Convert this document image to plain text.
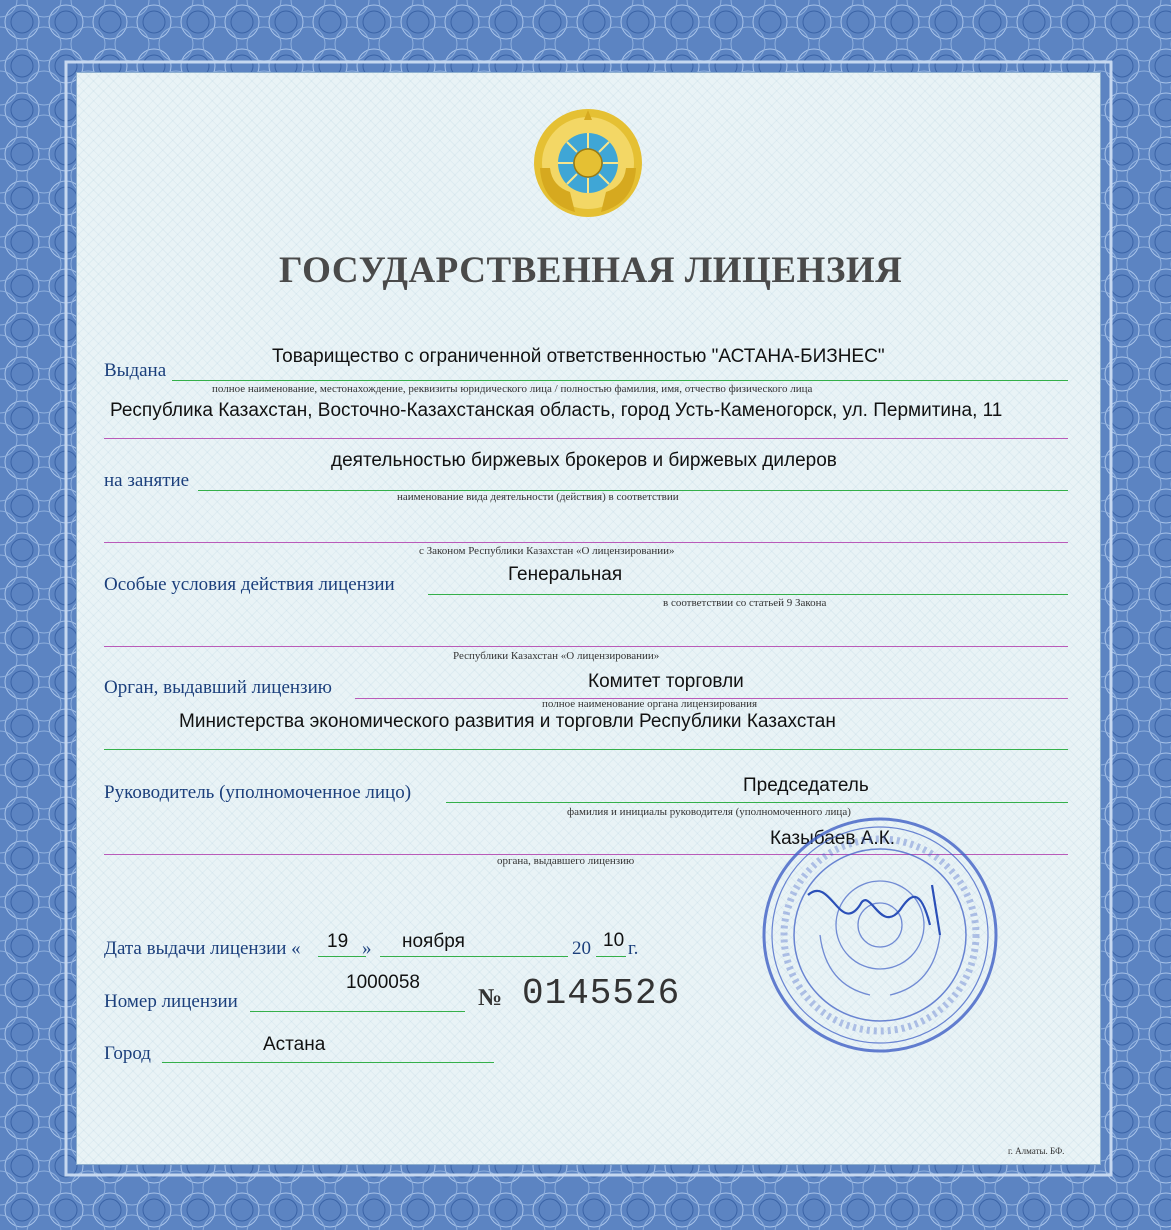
ГОСУДАРСТВЕННАЯ ЛИЦЕНЗИЯ
Выдана
Товарищество с ограниченной ответственностью "АСТАНА-БИЗНЕС"
полное наименование, местонахождение, реквизиты юридического лица / полностью фамилия, имя, отчество физического лица
Республика Казахстан, Восточно-Казахстанская область, город Усть-Каменогорск, ул. Пермитина, 11
деятельностью биржевых брокеров и биржевых дилеров
на занятие
наименование вида деятельности (действия) в соответствии
с Законом Республики Казахстан «О лицензировании»
Генеральная
Особые условия действия лицензии
в соответствии со статьей 9 Закона
Республики Казахстан «О лицензировании»
Комитет торговли
Орган, выдавший лицензию
полное наименование органа лицензирования
Министерства экономического развития и торговли Республики Казахстан
Председатель
Руководитель (уполномоченное лицо)
фамилия и инициалы руководителя (уполномоченного лица)
Казыбаев А.К.
органа, выдавшего лицензию
Дата выдачи лицензии « 19 » ноября	20 10 г.
1000058
Номер лицензии	№ 0145526
Астана
Город
г. Алматы. БФ.
